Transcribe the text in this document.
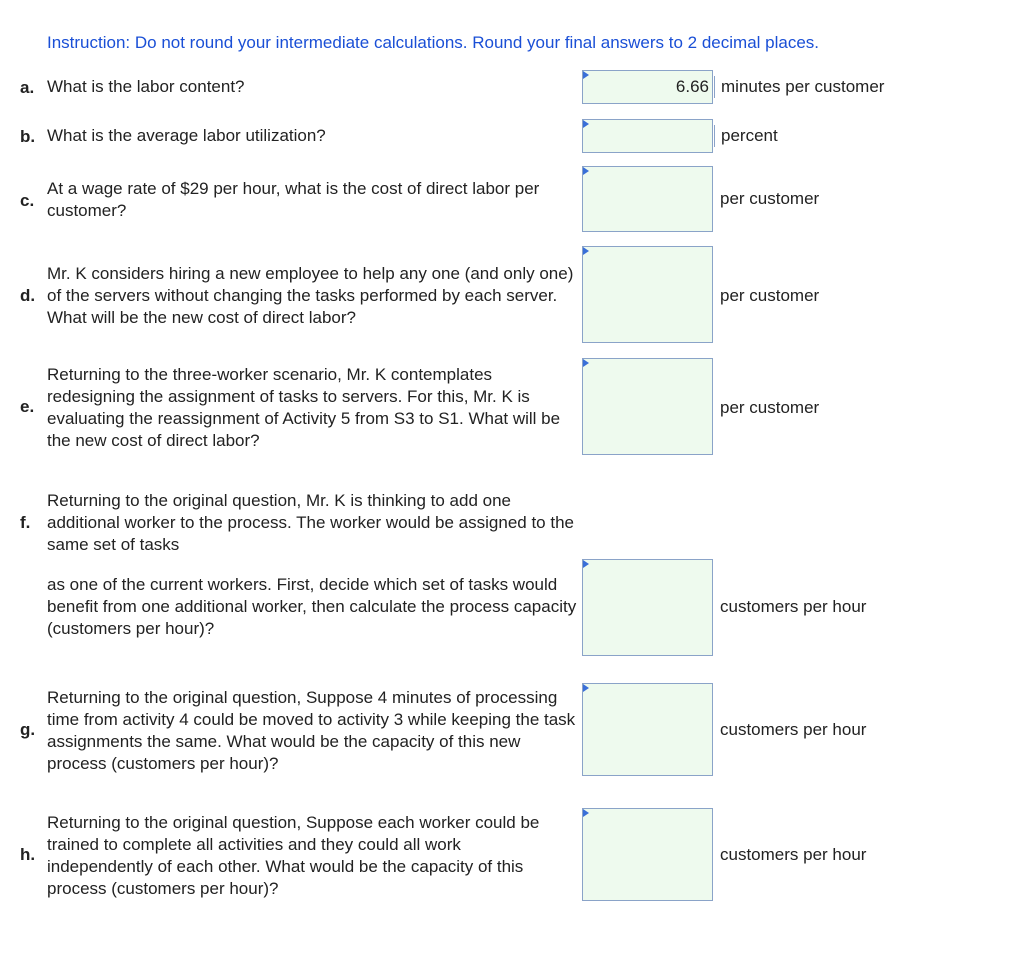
Instruction: Do not round your intermediate calculations. Round your final answers to 2 decimal places.
a. What is the labor content?	6.66 minutes per customer
b. What is the average labor utilization?	percent
c.
At a wage rate of $29 per hour, what is the cost of direct labor per customer?
per customer
d.
Mr. K considers hiring a new employee to help any one (and only one) of the servers without changing the tasks performed by each server. What will be the new cost of direct labor?
per customer
e.
Returning to the three-worker scenario, Mr. K contemplates redesigning the assignment of tasks to servers. For this, Mr. K is evaluating the reassignment of Activity 5 from S3 to S1. What will be the new cost of direct labor?
per customer
f.
Returning to the original question, Mr. K is thinking to add one additional worker to the process. The worker would be assigned to the same set of tasks
as one of the current workers. First, decide which set of tasks would benefit from one additional worker, then calculate the process capacity (customers per hour)?
customers per hour
g.
Returning to the original question, Suppose 4 minutes of processing time from activity 4 could be moved to activity 3 while keeping the task assignments the same. What would be the capacity of this new process (customers per hour)?
customers per hour
h.
Returning to the original question, Suppose each worker could be trained to complete all activities and they could all work independently of each other. What would be the capacity of this process (customers per hour)?
customers per hour
